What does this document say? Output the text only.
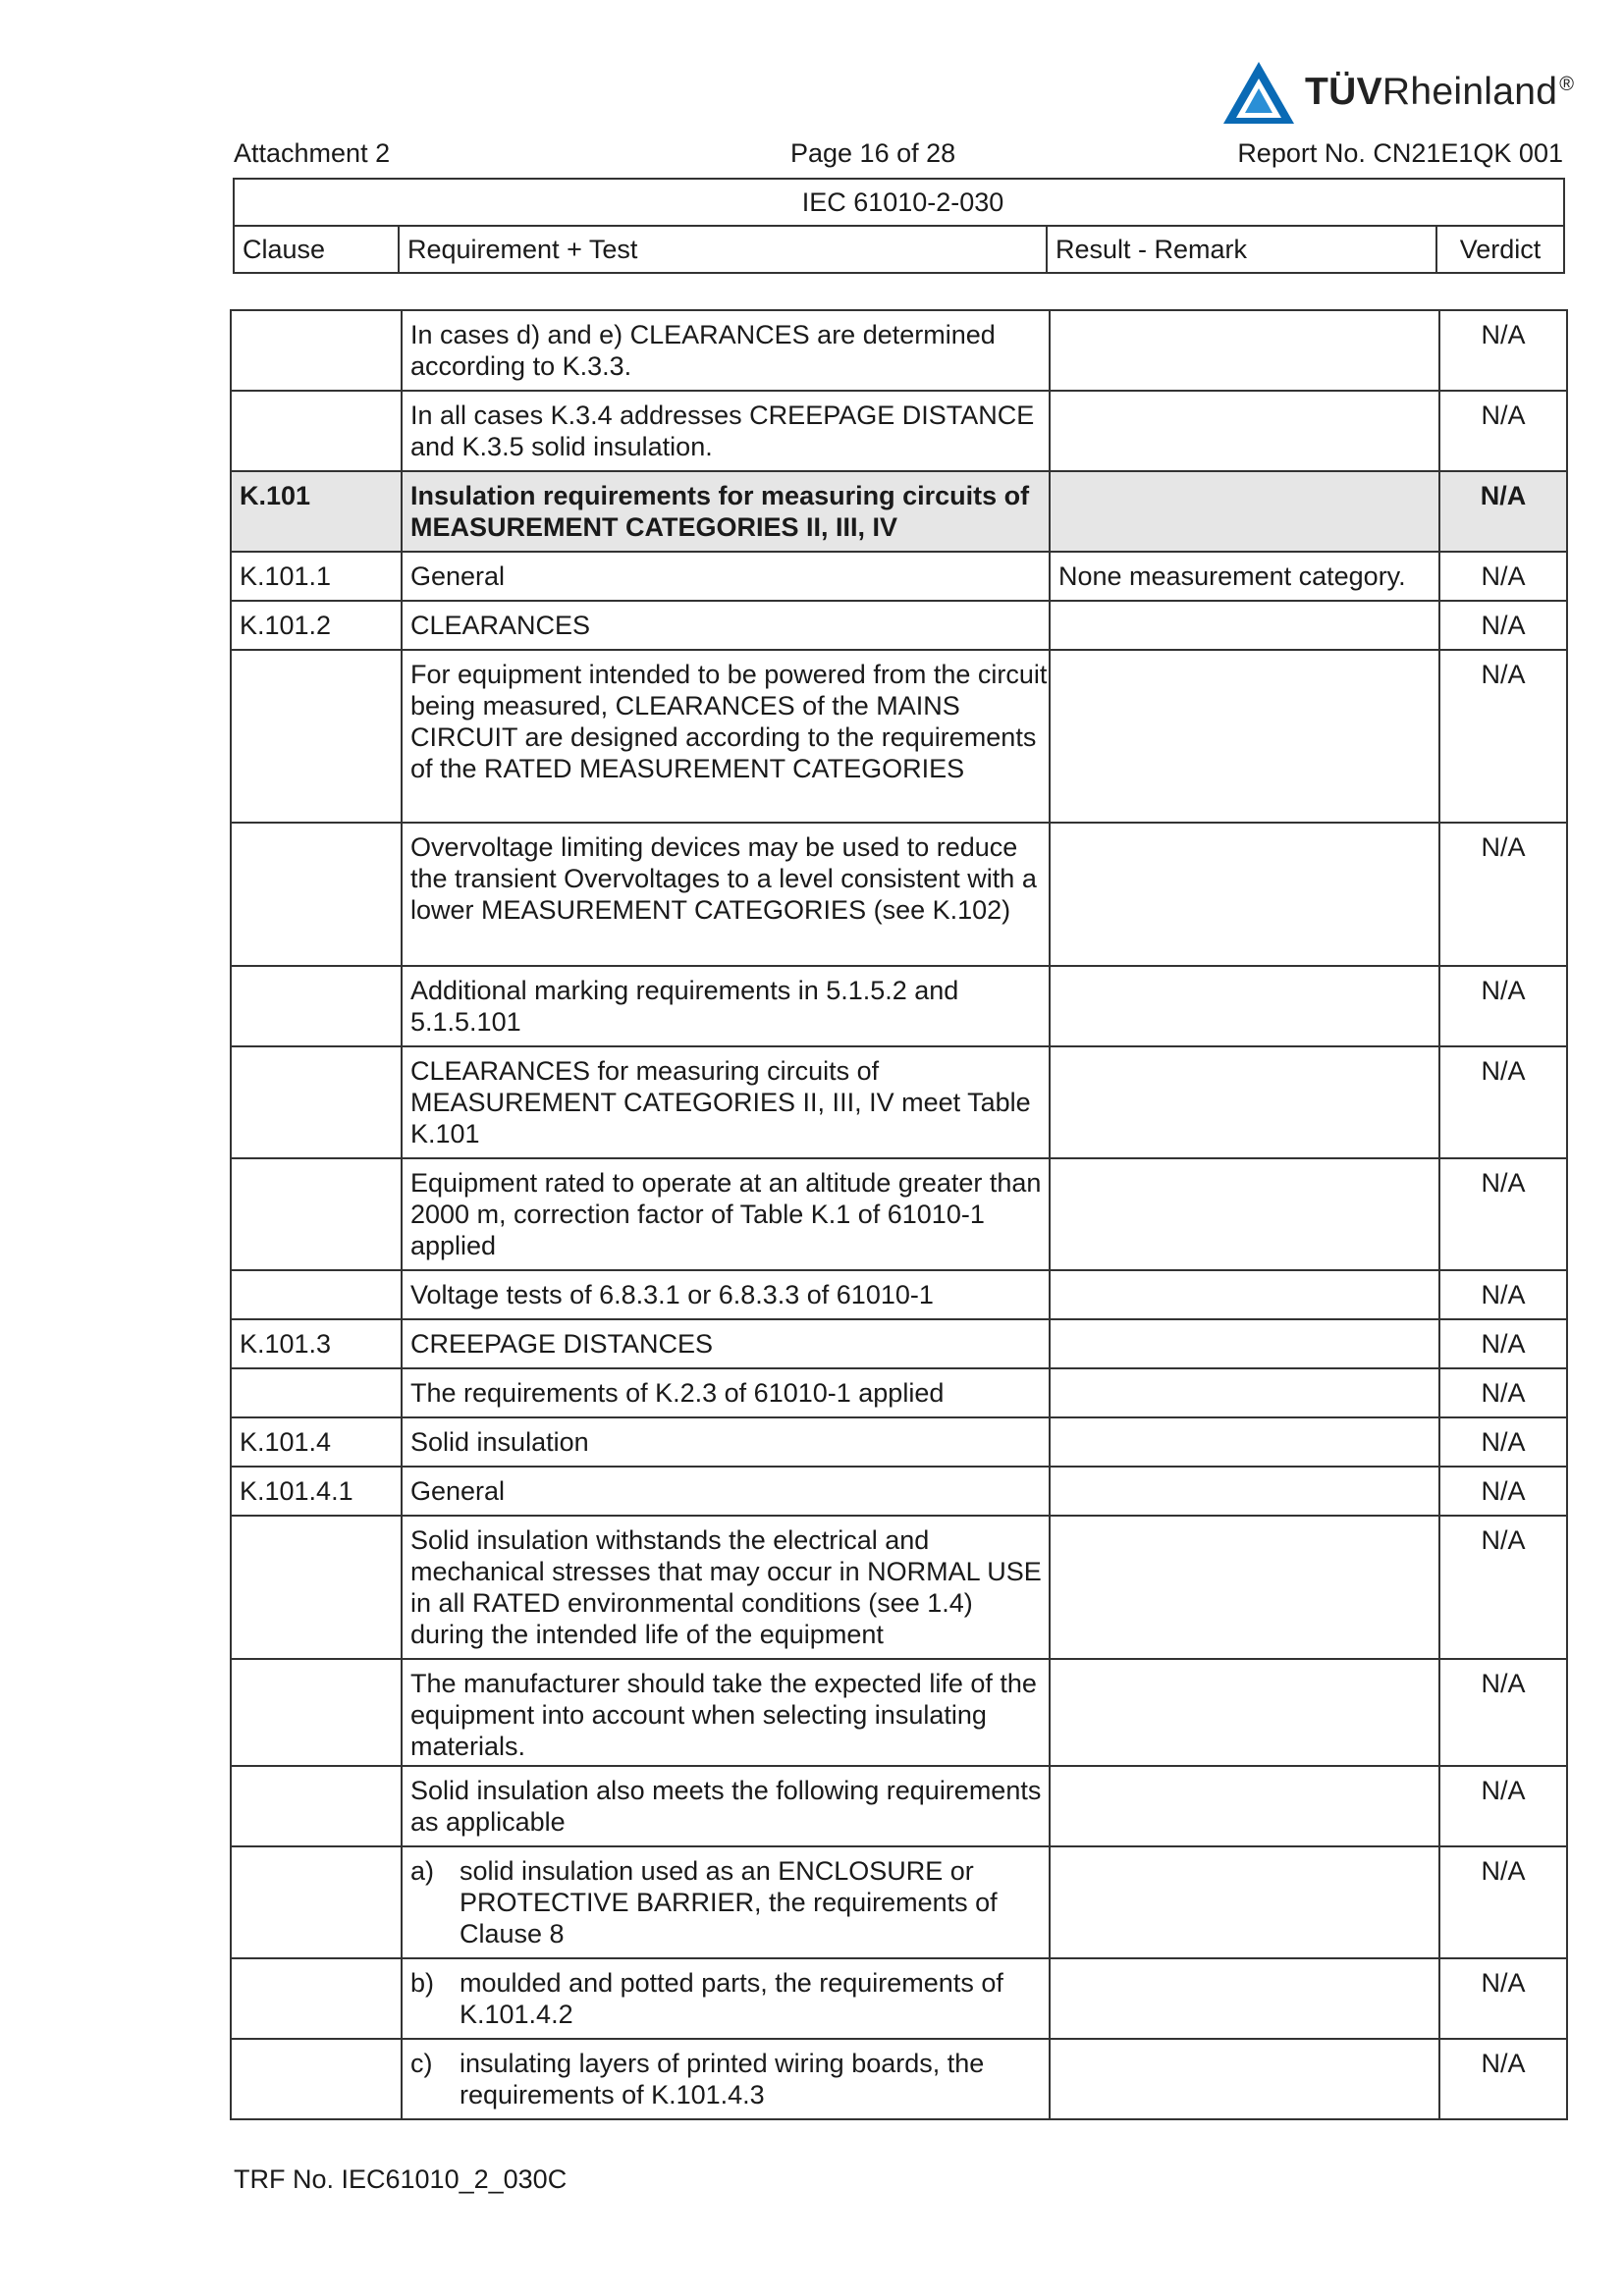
TÜVRheinland ®
Attachment 2	Page 16 of 28	Report No. CN21E1QK 001
IEC 61010-2-030
Clause	Requirement + Test	Result - Remark	Verdict
	In cases d) and e) CLEARANCES are determined according to K.3.3.		N/A
	In all cases K.3.4 addresses CREEPAGE DISTANCE and K.3.5 solid insulation.		N/A
K.101	Insulation requirements for measuring circuits of MEASUREMENT CATEGORIES II, III, IV		N/A
K.101.1	General	None measurement category.	N/A
K.101.2	CLEARANCES		N/A
	For equipment intended to be powered from the circuit being measured, CLEARANCES of the MAINS CIRCUIT are designed according to the requirements of the RATED MEASUREMENT CATEGORIES		N/A
	Overvoltage limiting devices may be used to reduce the transient Overvoltages to a level consistent with a lower MEASUREMENT CATEGORIES (see K.102)		N/A
	Additional marking requirements in 5.1.5.2 and 5.1.5.101		N/A
	CLEARANCES for measuring circuits of MEASUREMENT CATEGORIES II, III, IV meet Table K.101		N/A
	Equipment rated to operate at an altitude greater than 2000 m, correction factor of Table K.1 of 61010-1 applied		N/A
	Voltage tests of 6.8.3.1 or 6.8.3.3 of 61010-1		N/A
K.101.3	CREEPAGE DISTANCES		N/A
	The requirements of K.2.3 of 61010-1 applied		N/A
K.101.4	Solid insulation		N/A
K.101.4.1	General		N/A
	Solid insulation withstands the electrical and mechanical stresses that may occur in NORMAL USE in all RATED environmental conditions (see 1.4) during the intended life of the equipment		N/A
	The manufacturer should take the expected life of the equipment into account when selecting insulating materials.		N/A
	Solid insulation also meets the following requirements as applicable		N/A

	a) solid insulation used as an ENCLOSURE or PROTECTIVE BARRIER, the requirements of Clause 8		N/A

	b) moulded and potted parts, the requirements of K.101.4.2		N/A

	c) insulating layers of printed wiring boards, the requirements of K.101.4.3		N/A
TRF No. IEC61010_2_030C
